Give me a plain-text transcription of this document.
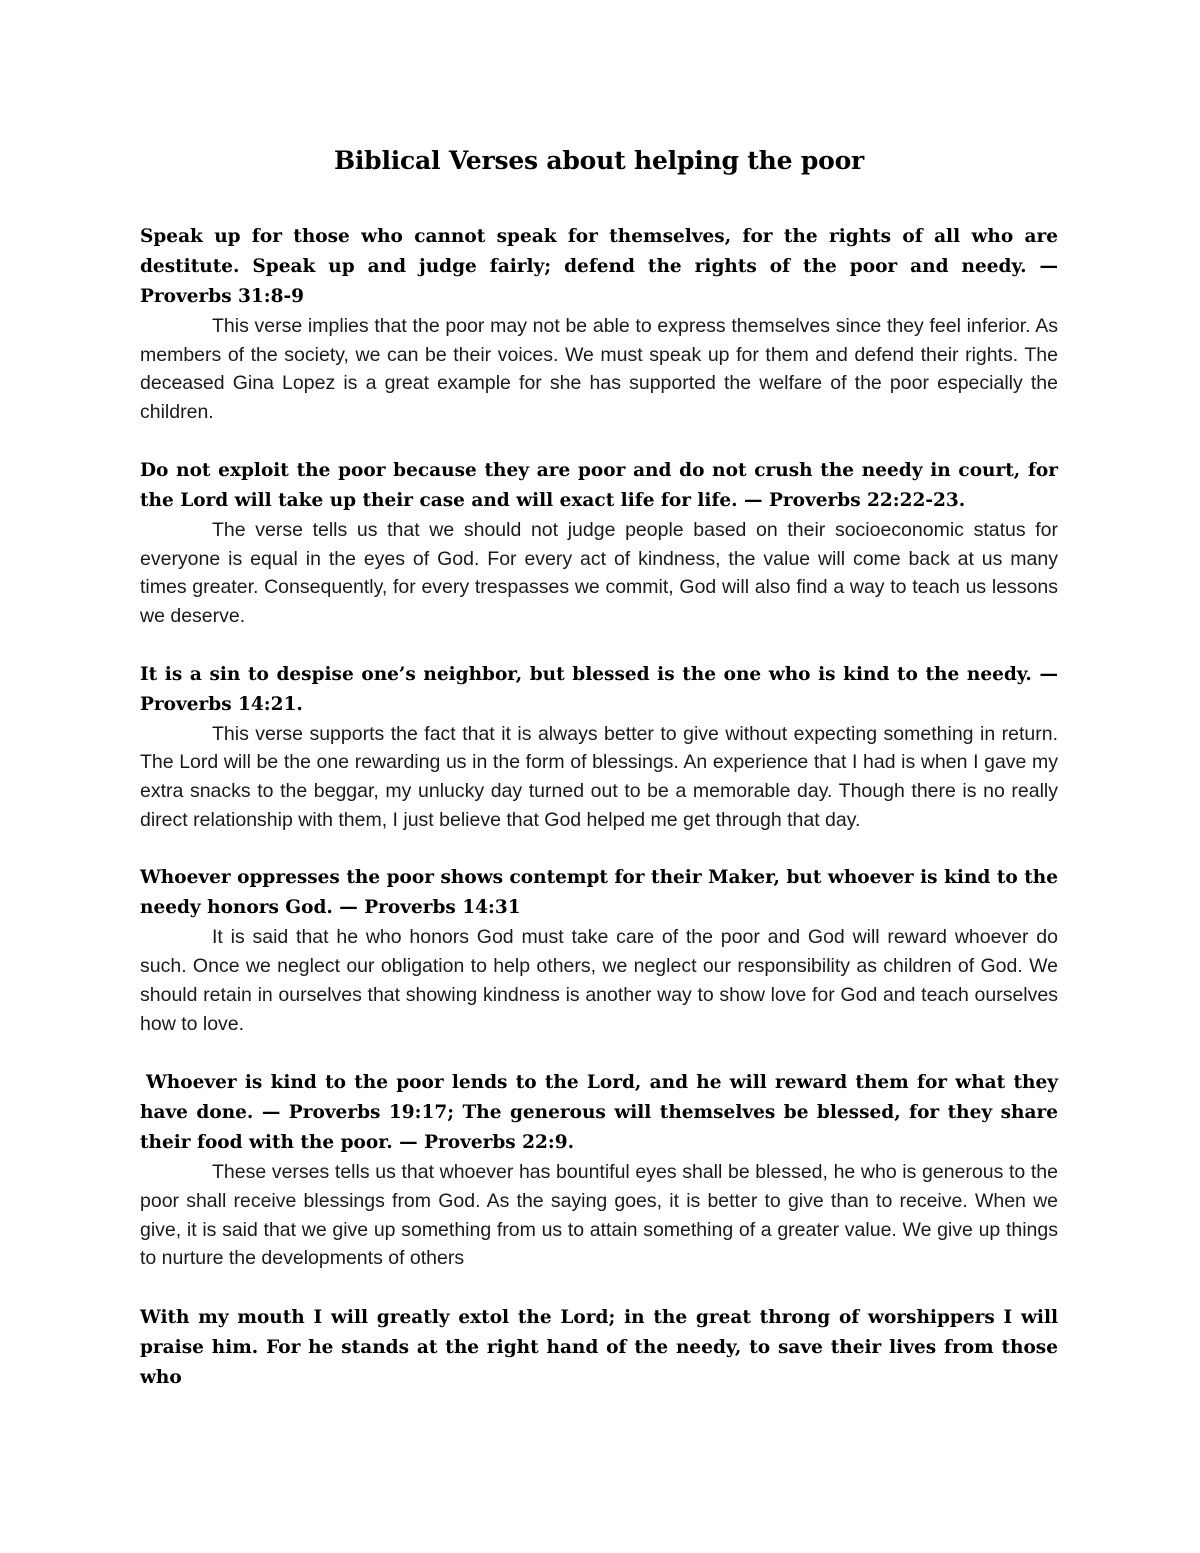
Biblical Verses about helping the poor

Speak up for those who cannot speak for themselves, for the rights of all who are destitute. Speak up and judge fairly; defend the rights of the poor and needy. — Proverbs 31:8-9

This verse implies that the poor may not be able to express themselves since they feel inferior. As members of the society, we can be their voices. We must speak up for them and defend their rights. The deceased Gina Lopez is a great example for she has supported the welfare of the poor especially the children.

Do not exploit the poor because they are poor and do not crush the needy in court, for the Lord will take up their case and will exact life for life. — Proverbs 22:22-23.

The verse tells us that we should not judge people based on their socioeconomic status for everyone is equal in the eyes of God. For every act of kindness, the value will come back at us many times greater. Consequently, for every trespasses we commit, God will also find a way to teach us lessons we deserve.

It is a sin to despise one’s neighbor, but blessed is the one who is kind to the needy. — Proverbs 14:21.

This verse supports the fact that it is always better to give without expecting something in return. The Lord will be the one rewarding us in the form of blessings. An experience that I had is when I gave my extra snacks to the beggar, my unlucky day turned out to be a memorable day. Though there is no really direct relationship with them, I just believe that God helped me get through that day.

Whoever oppresses the poor shows contempt for their Maker, but whoever is kind to the needy honors God. — Proverbs 14:31

It is said that he who honors God must take care of the poor and God will reward whoever do such. Once we neglect our obligation to help others, we neglect our responsibility as children of God. We should retain in ourselves that showing kindness is another way to show love for God and teach ourselves how to love.

Whoever is kind to the poor lends to the Lord, and he will reward them for what they have done. — Proverbs 19:17; The generous will themselves be blessed, for they share their food with the poor. — Proverbs 22:9.

These verses tells us that whoever has bountiful eyes shall be blessed, he who is generous to the poor shall receive blessings from God. As the saying goes, it is better to give than to receive. When we give, it is said that we give up something from us to attain something of a greater value. We give up things to nurture the developments of others

With my mouth I will greatly extol the Lord; in the great throng of worshippers I will praise him. For he stands at the right hand of the needy, to save their lives from those who
